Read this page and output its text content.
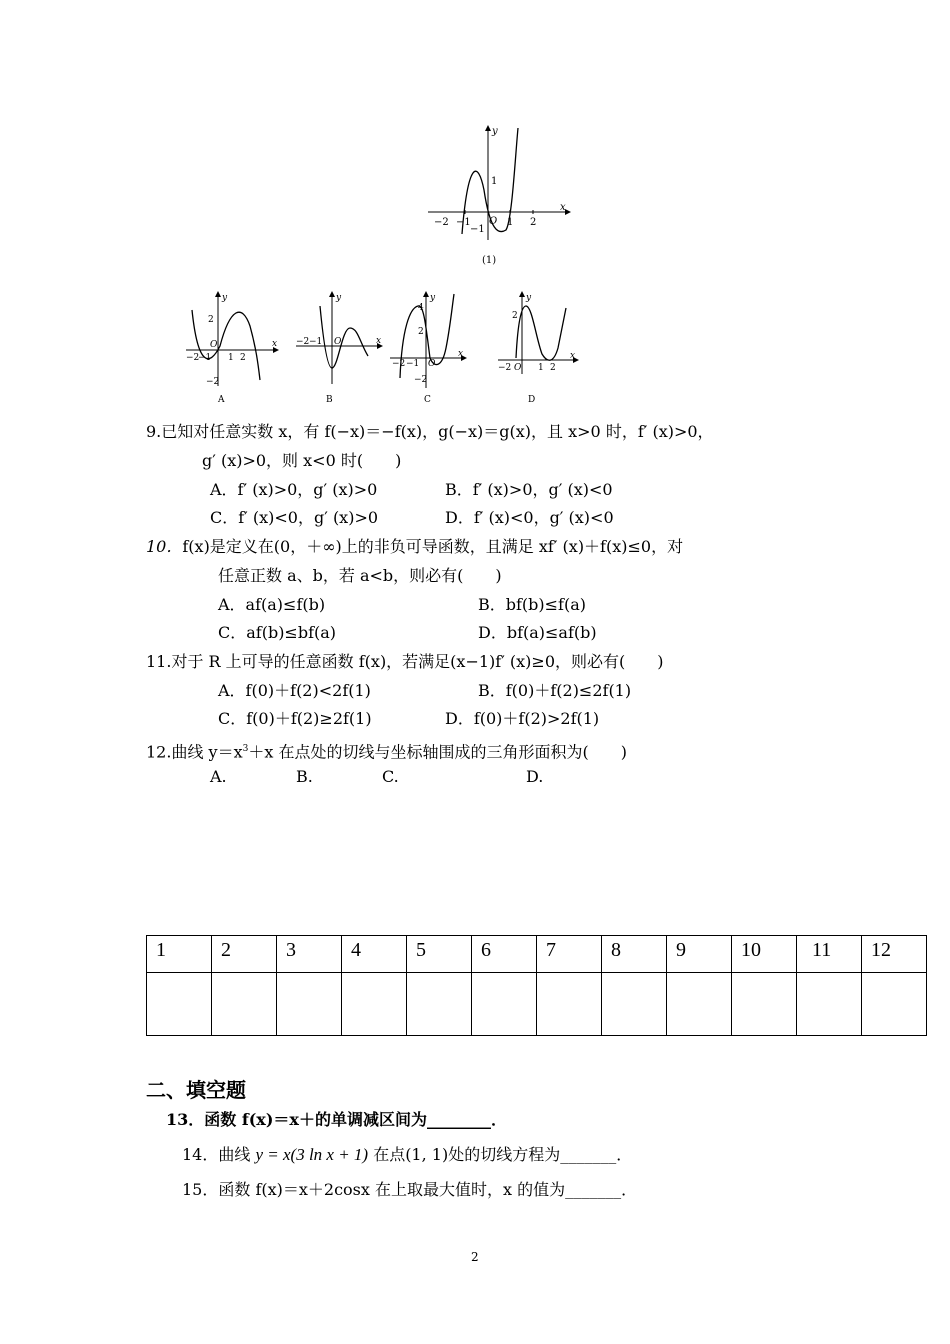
y
x
−2 −1 O 1 2
1
−1
(1)
y
x
−2
−1
O
1 2
2
−2
A
y
x
−2 −1 O
B
y
x
−2 −1 O
4
2
−2
C
y
x
−2 O 1 2
2
D
9.已知对任意实数 x，有 f(−x)＝−f(x)，g(−x)＝g(x)，且 x>0 时，f′ (x)>0，
g′ (x)>0，则 x<0 时(　　)
A．f′ (x)>0，g′ (x)>0	B．f′ (x)>0，g′ (x)<0
C．f′ (x)<0，g′ (x)>0	D．f′ (x)<0，g′ (x)<0
10．f(x)是定义在(0，＋∞)上的非负可导函数，且满足 xf′ (x)＋f(x)≤0，对
任意正数 a、b，若 a<b，则必有(　　)
A．af(a)≤f(b)	B．bf(b)≤f(a)
C．af(b)≤bf(a)	D．bf(a)≤af(b)
11.对于 R 上可导的任意函数 f(x)，若满足(x−1)f′ (x)≥0，则必有(　　)
A．f(0)＋f(2)<2f(1)	B．f(0)＋f(2)≤2f(1)
C．f(0)＋f(2)≥2f(1)	D．f(0)＋f(2)>2f(1)
12.曲线 $y=x^3+x$ 在点处的切线与坐标轴围成的三角形面积为(　　)
A.	B.	C.	D.
1	2	3	4	5	6	7	8	9	10	11	12

二、填空题
13．函数 f(x)＝x＋的单调减区间为________．
14．曲线 y = x(3 ln x + 1) 在点(1, 1)处的切线方程为_______．
15．函数 f(x)＝x＋2cosx 在上取最大值时，x 的值为_______．
2
